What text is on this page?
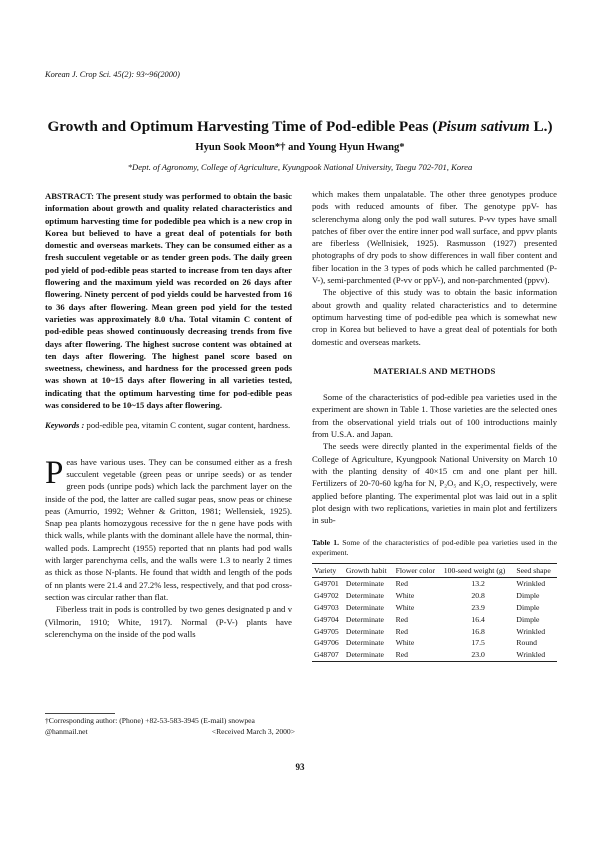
Korean J. Crop Sci. 45(2): 93~96(2000)
Growth and Optimum Harvesting Time of Pod-edible Peas (Pisum sativum L.)
Hyun Sook Moon*† and Young Hyun Hwang*
*Dept. of Agronomy, College of Agriculture, Kyungpook National University, Taegu 702-701, Korea

ABSTRACT: The present study was performed to obtain the basic information about growth and quality related characteristics and optimum harvesting time for podedible pea which is a new crop in Korea but believed to have a great deal of potentials for both domestic and overseas markets. They can be consumed either as a fresh succulent vegetable or as tender green pods. The daily green pod yield of pod-edible peas started to increase from ten days after flowering and the maximum yield was recorded on 26 days after flowering. Ninety percent of pod yields could be harvested from 16 to 36 days after flowering. Mean green pod yield for the tested varieties was approximately 8.0 t/ha. Total vitamin C content of pod-edible peas showed continuously decreasing trends from five days after flowering. The highest sucrose content was obtained at ten days after flowering. The highest panel score based on sweetness, chewiness, and hardness for the processed green pods was shown at 10~15 days after flowering in all varieties tested, indicating that the optimum harvesting time for pod-edible peas was considered to be 10~15 days after flowering.

Keywords : pod-edible pea, vitamin C content, sugar content, hardness.

P eas have various uses. They can be consumed either as a fresh succulent vegetable (green peas or unripe seeds) or as tender green pods (unripe pods) which lack the parchment layer on the inside of the pod, the latter are called sugar peas, snow peas or chinese peas (Amurrio, 1992; Wehner & Gritton, 1981; Wellensiek, 1925). Snap pea plants homozygous recessive for the n gene have pods with thick walls, while plants with the dominant allele have the normal, thin-walled pods. Lamprecht (1955) reported that nn plants had pod walls with larger parenchyma cells, and the walls were 1.3 to nearly 2 times as thick as those N-plants. He found that width and length of the pods of nn plants were 21.4 and 27.2% less, respectively, and that pod cross-section was circular rather than flat.

Fiberless trait in pods is controlled by two genes designated p and v (Vilmorin, 1910; White, 1917). Normal (P-V-) plants have sclerenchyma on the inside of the pod walls

which makes them unpalatable. The other three genotypes produce pods with reduced amounts of fiber. The genotype ppV- has sclerenchyma along only the pod wall sutures. P-vv types have small patches of fiber over the entire inner pod wall surface, and ppvv plants are fiberless (Wellnisiek, 1925). Rasmusson (1927) presented photographs of dry pods to show differences in wall fiber content and fiber location in the 3 types of pods which he called parchmented (P-V-), semi-parchmented (P-vv or ppV-), and non-parchmented (ppvv).

The objective of this study was to obtain the basic information about growth and quality related characteristics and to determine optimum harvesting time of pod-edible pea which is somewhat new crop in Korea but believed to have a great deal of potentials for both domestic and overseas markets.

MATERIALS AND METHODS

Some of the characteristics of pod-edible pea varieties used in the experiment are shown in Table 1. Those varieties are the selected ones from the observational yield trials out of 100 introductions mainly from U.S.A. and Japan.

The seeds were directly planted in the experimental fields of the College of Agriculture, Kyungpook National University on March 10 with the planting density of 40×15 cm and one plant per hill. Fertilizers of 20-70-60 kg/ha for N, P₂O₅ and K₂O, respectively, were applied before planting. The experimental plot was laid out in a split plot design with two replications, varieties in main plot and fertilizers in sub-

Table 1. Some of the characteristics of pod-edible pea varieties used in the experiment.
Variety	Growth habit	Flower color	100-seed weight (g)	Seed shape
G49701	Determinate	Red	13.2	Wrinkled
G49702	Determinate	White	20.8	Dimple
G49703	Determinate	White	23.9	Dimple
G49704	Determinate	Red	16.4	Dimple
G49705	Determinate	Red	16.8	Wrinkled
G49706	Determinate	White	17.5	Round
G48707	Determinate	Red	23.0	Wrinkled
†Corresponding author: (Phone) +82-53-583-3945 (E-mail) snowpea
@hanmail.net	<Received March 3, 2000>
93
